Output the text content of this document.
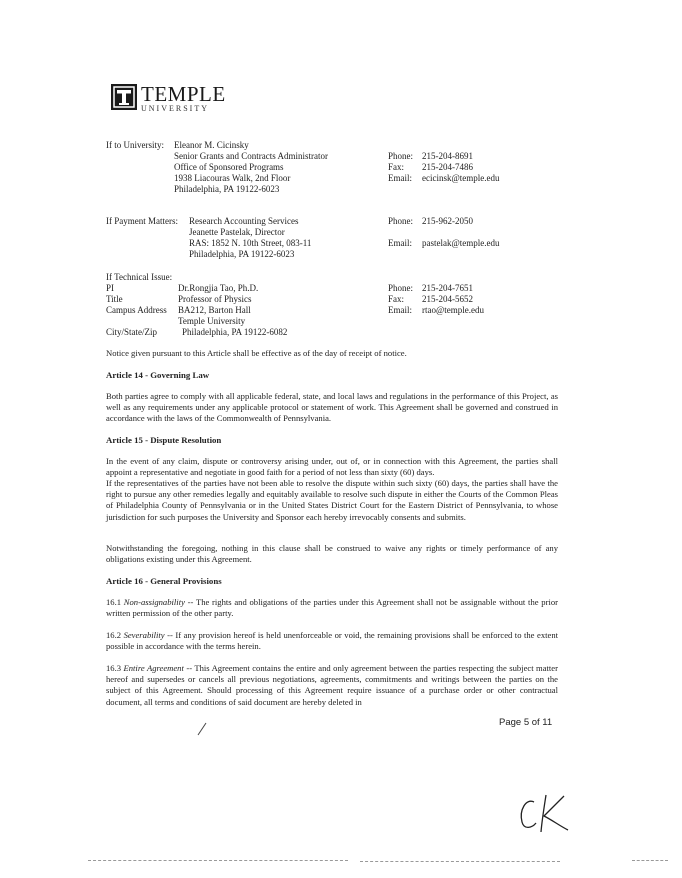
TEMPLE
UNIVERSITY
If to University: Eleanor M. Cicinsky
Senior Grants and Contracts Administrator
Office of Sponsored Programs
1938 Liacouras Walk, 2nd Floor
Philadelphia, PA 19122-6023
Phone: 215-204-8691
Fax: 215-204-7486
Email: ecicinsk@temple.edu
If Payment Matters: Research Accounting Services
Jeanette Pastelak, Director
RAS: 1852 N. 10th Street, 083-11
Philadelphia, PA 19122-6023
Phone: 215-962-2050
Email: pastelak@temple.edu
If Technical Issue:
PI	Dr.Rongjia Tao, Ph.D.
Title	Professor of Physics
Campus Address BA212, Barton Hall
Temple University
City/State/Zip	Philadelphia, PA 19122-6082
Phone: 215-204-7651
Fax: 215-204-5652
Email: rtao@temple.edu
Notice given pursuant to this Article shall be effective as of the day of receipt of notice.
Article 14 - Governing Law
Both parties agree to comply with all applicable federal, state, and local laws and regulations in the performance of this Project, as well as any requirements under any applicable protocol or statement of work. This Agreement shall be governed and construed in accordance with the laws of the Commonwealth of Pennsylvania.
Article 15 - Dispute Resolution
In the event of any claim, dispute or controversy arising under, out of, or in connection with this Agreement, the parties shall appoint a representative and negotiate in good faith for a period of not less than sixty (60) days.
If the representatives of the parties have not been able to resolve the dispute within such sixty (60) days, the parties shall have the right to pursue any other remedies legally and equitably available to resolve such dispute in either the Courts of the Common Pleas of Philadelphia County of Pennsylvania or in the United States District Court for the Eastern District of Pennsylvania, to whose jurisdiction for such purposes the University and Sponsor each hereby irrevocably consents and submits.
Notwithstanding the foregoing, nothing in this clause shall be construed to waive any rights or timely performance of any obligations existing under this Agreement.
Article 16 - General Provisions
16.1 Non-assignability -- The rights and obligations of the parties under this Agreement shall not be assignable without the prior written permission of the other party.
16.2 Severability -- If any provision hereof is held unenforceable or void, the remaining provisions shall be enforced to the extent possible in accordance with the terms herein.
16.3 Entire Agreement -- This Agreement contains the entire and only agreement between the parties respecting the subject matter hereof and supersedes or cancels all previous negotiations, agreements, commitments and writings between the parties on the subject of this Agreement. Should processing of this Agreement require issuance of a purchase order or other contractual document, all terms and conditions of said document are hereby deleted in
Page 5 of 11
